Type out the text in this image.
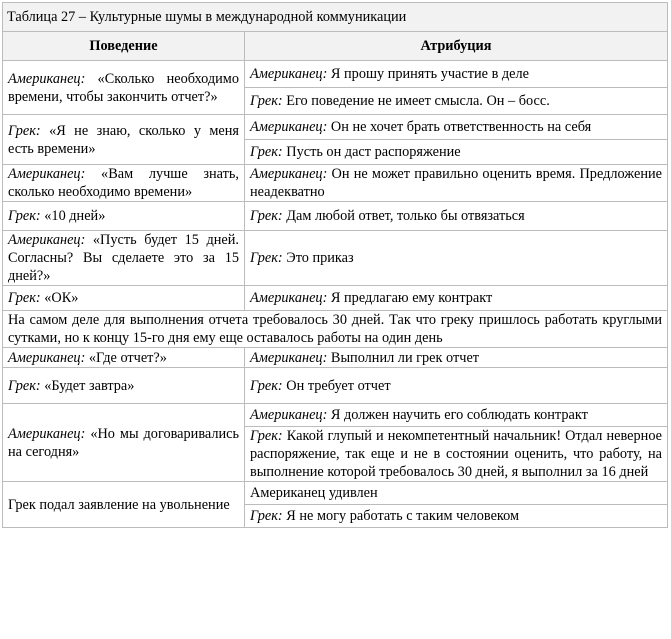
Таблица 27 – Культурные шумы в международной коммуникации	
Поведение	Атрибуция
Американец: «Сколько необходимо времени, чтобы закончить отчет?»	Американец: Я прошу принять участие в деле
	Грек: Его поведение не имеет смысла. Он – босс.
Грек: «Я не знаю, сколько у меня есть времени»	Американец: Он не хочет брать ответственность на себя
	Грек: Пусть он даст распоряжение
Американец: «Вам лучше знать, сколько необходимо времени»	Американец: Он не может правильно оценить время. Предложение неадекватно
Грек: «10 дней»	Грек: Дам любой ответ, только бы отвязаться
Американец: «Пусть будет 15 дней. Согласны? Вы сделаете это за 15 дней?»	Грек: Это приказ
Грек: «ОК»	Американец: Я предлагаю ему контракт
На самом деле для выполнения отчета требовалось 30 дней. Так что греку пришлось работать круглыми сутками, но к концу 15-го дня ему еще оставалось работы на один день	
Американец: «Где отчет?»	Американец: Выполнил ли грек отчет
Грек: «Будет завтра»	Грек: Он требует отчет
Американец: «Но мы договаривались на сегодня»	Американец: Я должен научить его соблюдать контракт
	Грек: Какой глупый и некомпетентный начальник! Отдал неверное распоряжение, так еще и не в состоянии оценить, что работу, на выполнение которой требовалось 30 дней, я выполнил за 16 дней
Грек подал заявление на увольнение	Американец удивлен
	Грек: Я не могу работать с таким человеком
